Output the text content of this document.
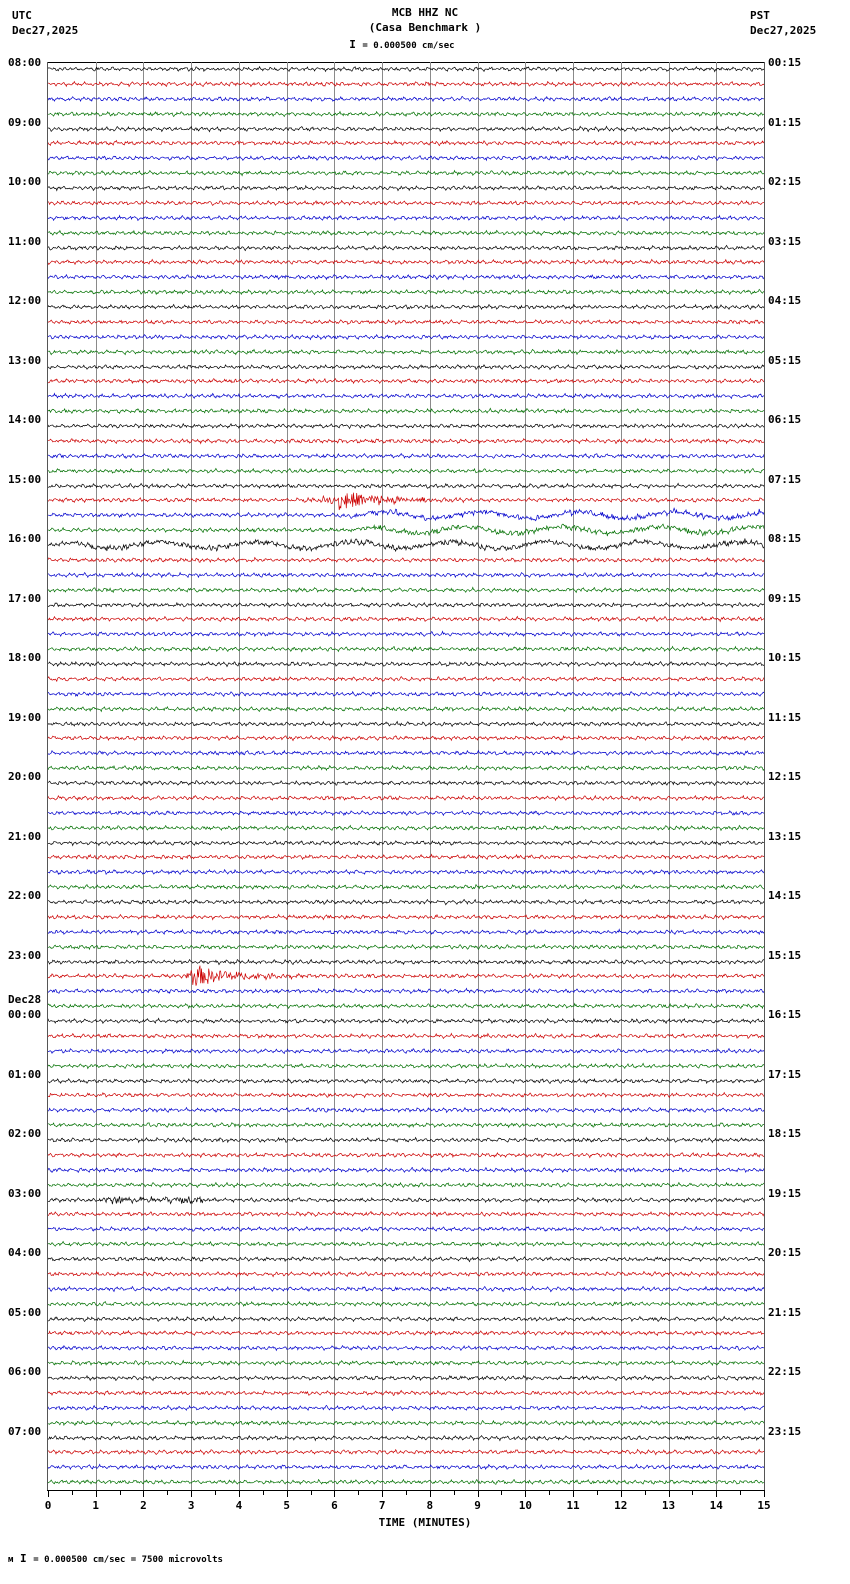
UTC
Dec27,2025
MCB HHZ NC
(Casa Benchmark )
PST
Dec27,2025
I = 0.000500 cm/sec
08:00
09:00
10:00
11:00
12:00
13:00
14:00
15:00
16:00
17:00
18:00
19:00
20:00
21:00
22:00
23:00
Dec28
00:00
01:00
02:00
03:00
04:00
05:00
06:00
07:00
00:15
01:15
02:15
03:15
04:15
05:15
06:15
07:15
08:15
09:15
10:15
11:15
12:15
13:15
14:15
15:15
16:15
17:15
18:15
19:15
20:15
21:15
22:15
23:15
0	1	2	3	4	5	6	7	8	9	10	11	12	13	14	15
TIME (MINUTES)
м I = 0.000500 cm/sec = 7500 microvolts
